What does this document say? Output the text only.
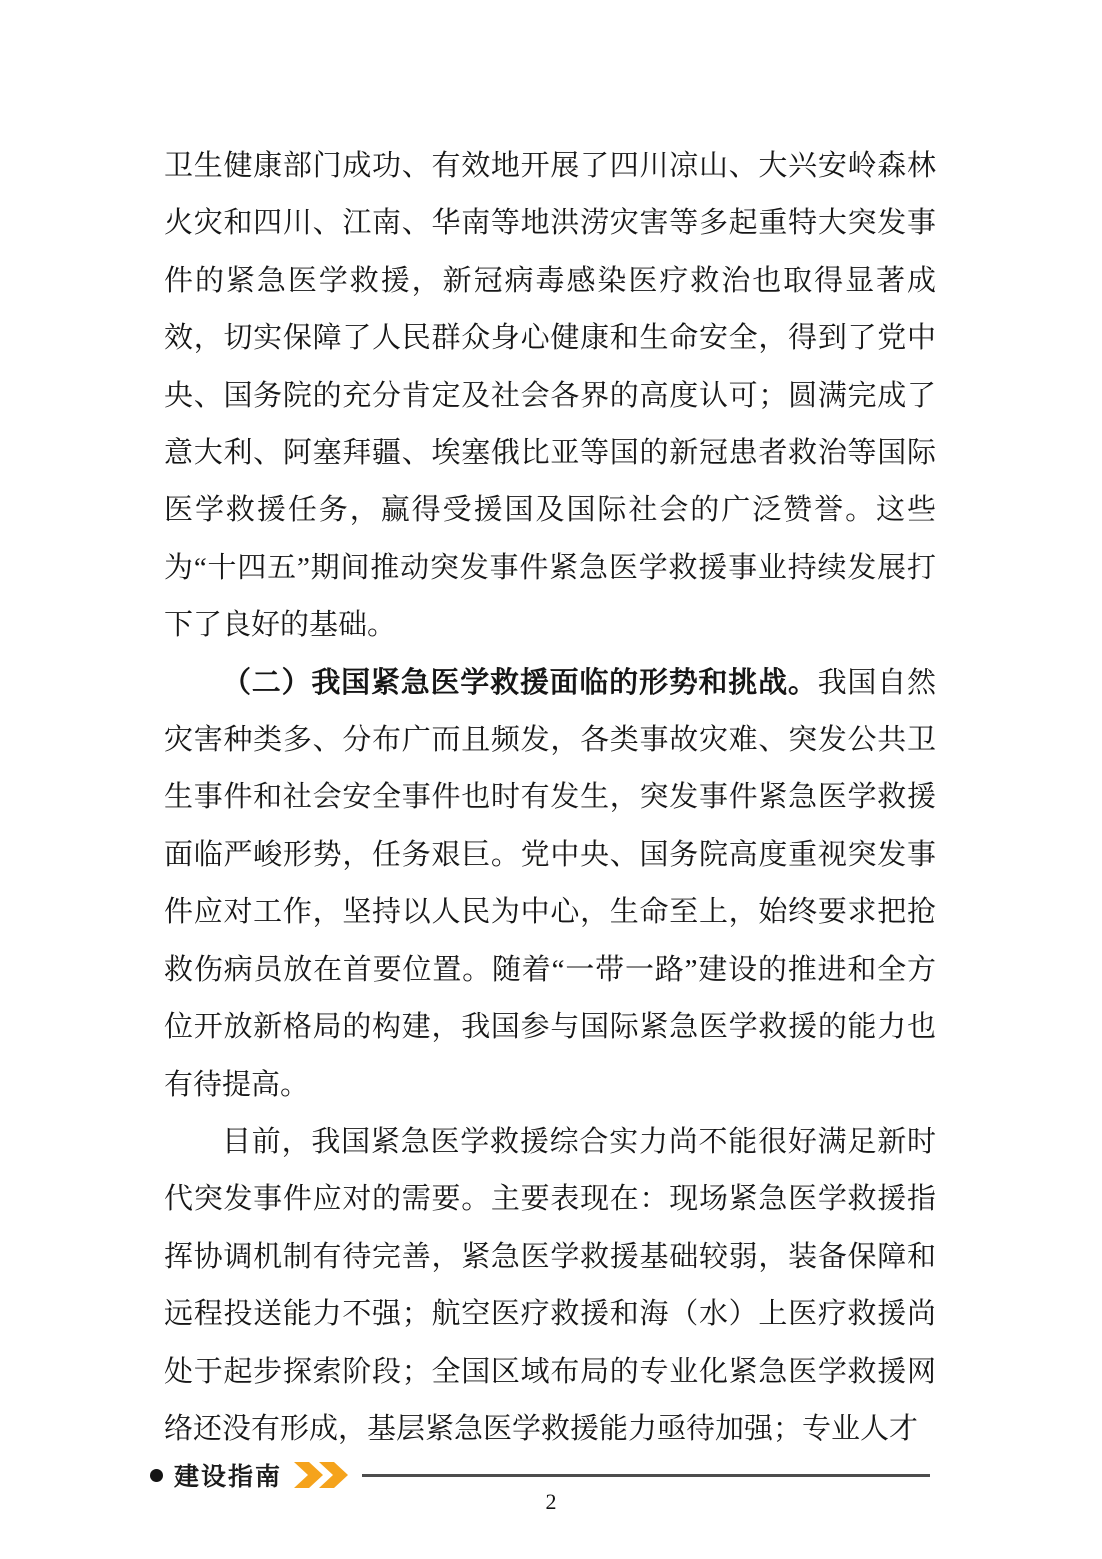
卫生健康部门成功、有效地开展了四川凉山、大兴安岭森林火灾和四川、江南、华南等地洪涝灾害等多起重特大突发事件的紧急医学救援，新冠病毒感染医疗救治也取得显著成效，切实保障了人民群众身心健康和生命安全，得到了党中央、国务院的充分肯定及社会各界的高度认可；圆满完成了意大利、阿塞拜疆、埃塞俄比亚等国的新冠患者救治等国际医学救援任务，赢得受援国及国际社会的广泛赞誉。这些为“十四五”期间推动突发事件紧急医学救援事业持续发展打下了良好的基础。

（二）我国紧急医学救援面临的形势和挑战。我国自然灾害种类多、分布广而且频发，各类事故灾难、突发公共卫生事件和社会安全事件也时有发生，突发事件紧急医学救援面临严峻形势，任务艰巨。党中央、国务院高度重视突发事件应对工作，坚持以人民为中心，生命至上，始终要求把抢救伤病员放在首要位置。随着“一带一路”建设的推进和全方位开放新格局的构建，我国参与国际紧急医学救援的能力也有待提高。

目前，我国紧急医学救援综合实力尚不能很好满足新时代突发事件应对的需要。主要表现在：现场紧急医学救援指挥协调机制有待完善，紧急医学救援基础较弱，装备保障和远程投送能力不强；航空医疗救援和海（水）上医疗救援尚处于起步探索阶段；全国区域布局的专业化紧急医学救援网络还没有形成，基层紧急医学救援能力亟待加强；专业人才

建设指南
2
